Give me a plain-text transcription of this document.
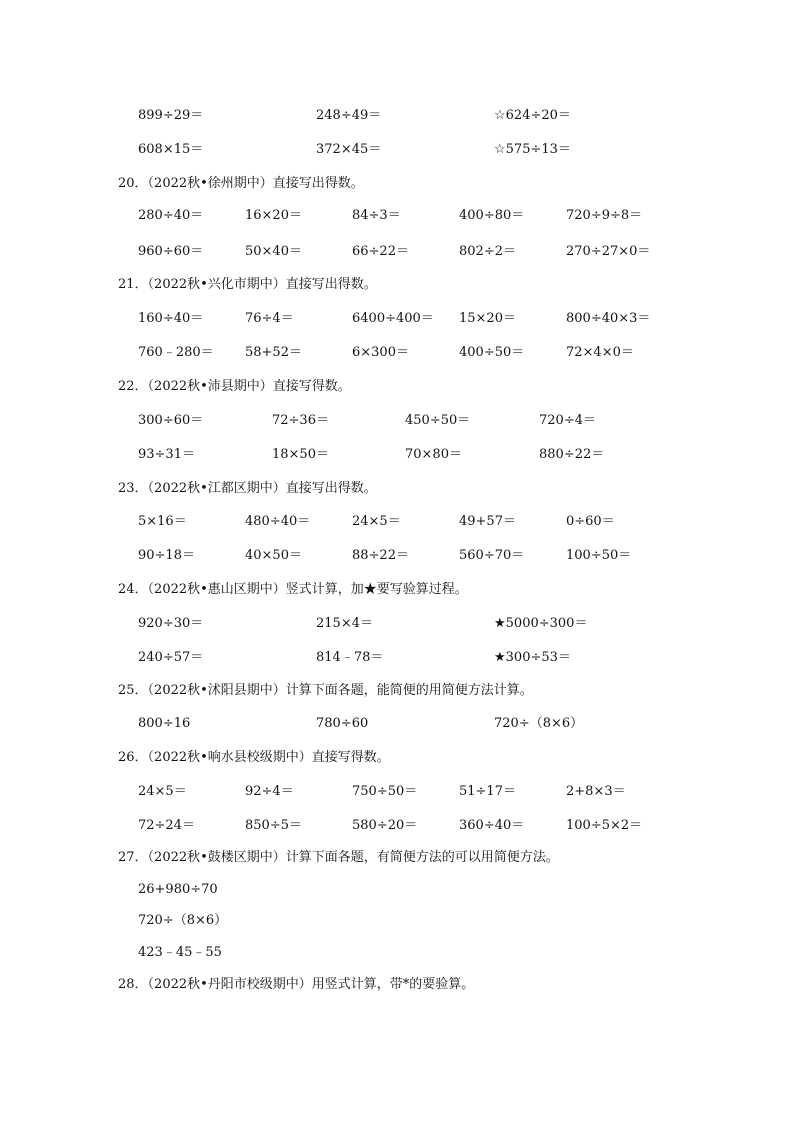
899÷29＝	248÷49＝	☆624÷20＝
608×15＝	372×45＝	☆575÷13＝
20．（2022秋•徐州期中）直接写出得数。
280÷40＝	16×20＝	84÷3＝	400÷80＝	720÷9÷8＝
960÷60＝	50×40＝	66÷22＝	802÷2＝	270÷27×0＝
21．（2022秋•兴化市期中）直接写出得数。
160÷40＝	76÷4＝	6400÷400＝ 15×20＝	800÷40×3＝
760﹣280＝ 58+52＝	6×300＝	400÷50＝	72×4×0＝
22．（2022秋•沛县期中）直接写得数。
300÷60＝	72÷36＝	450÷50＝	720÷4＝
93÷31＝	18×50＝	70×80＝	880÷22＝
23．（2022秋•江都区期中）直接写出得数。
5×16＝	480÷40＝	24×5＝	49+57＝	0÷60＝
90÷18＝	40×50＝	88÷22＝	560÷70＝	100÷50＝
24．（2022秋•惠山区期中）竖式计算，加★要写验算过程。
920÷30＝	215×4＝	★5000÷300＝
240÷57＝	814﹣78＝	★300÷53＝
25．（2022秋•沭阳县期中）计算下面各题，能简便的用简便方法计算。
800÷16	780÷60	720÷（8×6）
26．（2022秋•响水县校级期中）直接写得数。
24×5＝	92÷4＝	750÷50＝	51÷17＝	2+8×3＝
72÷24＝	850÷5＝	580÷20＝	360÷40＝	100÷5×2＝
27．（2022秋•鼓楼区期中）计算下面各题，有简便方法的可以用简便方法。
26+980÷70
720÷（8×6）
423﹣45﹣55
28．（2022秋•丹阳市校级期中）用竖式计算，带*的要验算。
